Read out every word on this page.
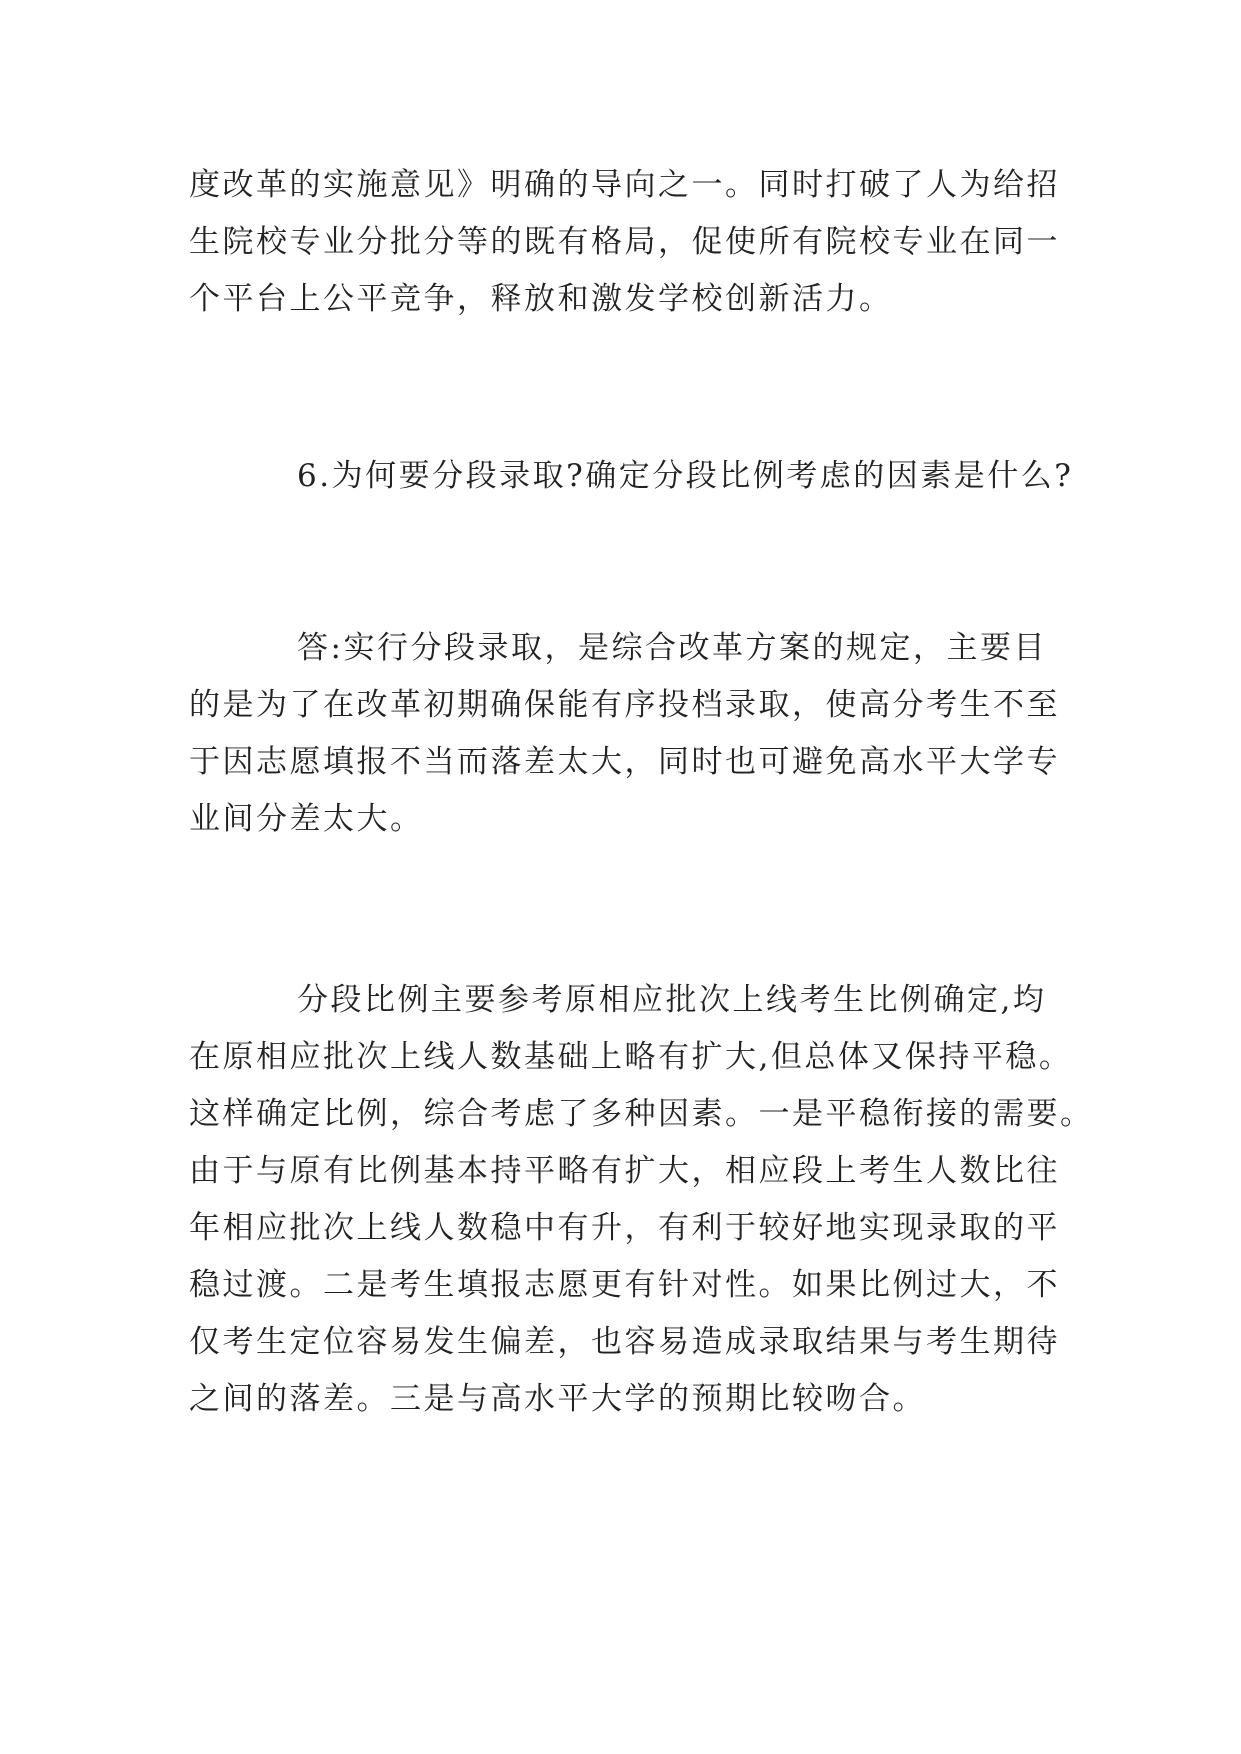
度改革的实施意见》明确的导向之一。同时打破了人为给招
生院校专业分批分等的既有格局，促使所有院校专业在同一
个平台上公平竞争，释放和激发学校创新活力。
6.为何要分段录取?确定分段比例考虑的因素是什么?
答:实行分段录取，是综合改革方案的规定，主要目
的是为了在改革初期确保能有序投档录取，使高分考生不至
于因志愿填报不当而落差太大，同时也可避免高水平大学专
业间分差太大。
分段比例主要参考原相应批次上线考生比例确定,均
在原相应批次上线人数基础上略有扩大,但总体又保持平稳。
这样确定比例，综合考虑了多种因素。一是平稳衔接的需要。
由于与原有比例基本持平略有扩大，相应段上考生人数比往
年相应批次上线人数稳中有升，有利于较好地实现录取的平
稳过渡。二是考生填报志愿更有针对性。如果比例过大，不
仅考生定位容易发生偏差，也容易造成录取结果与考生期待
之间的落差。三是与高水平大学的预期比较吻合。
